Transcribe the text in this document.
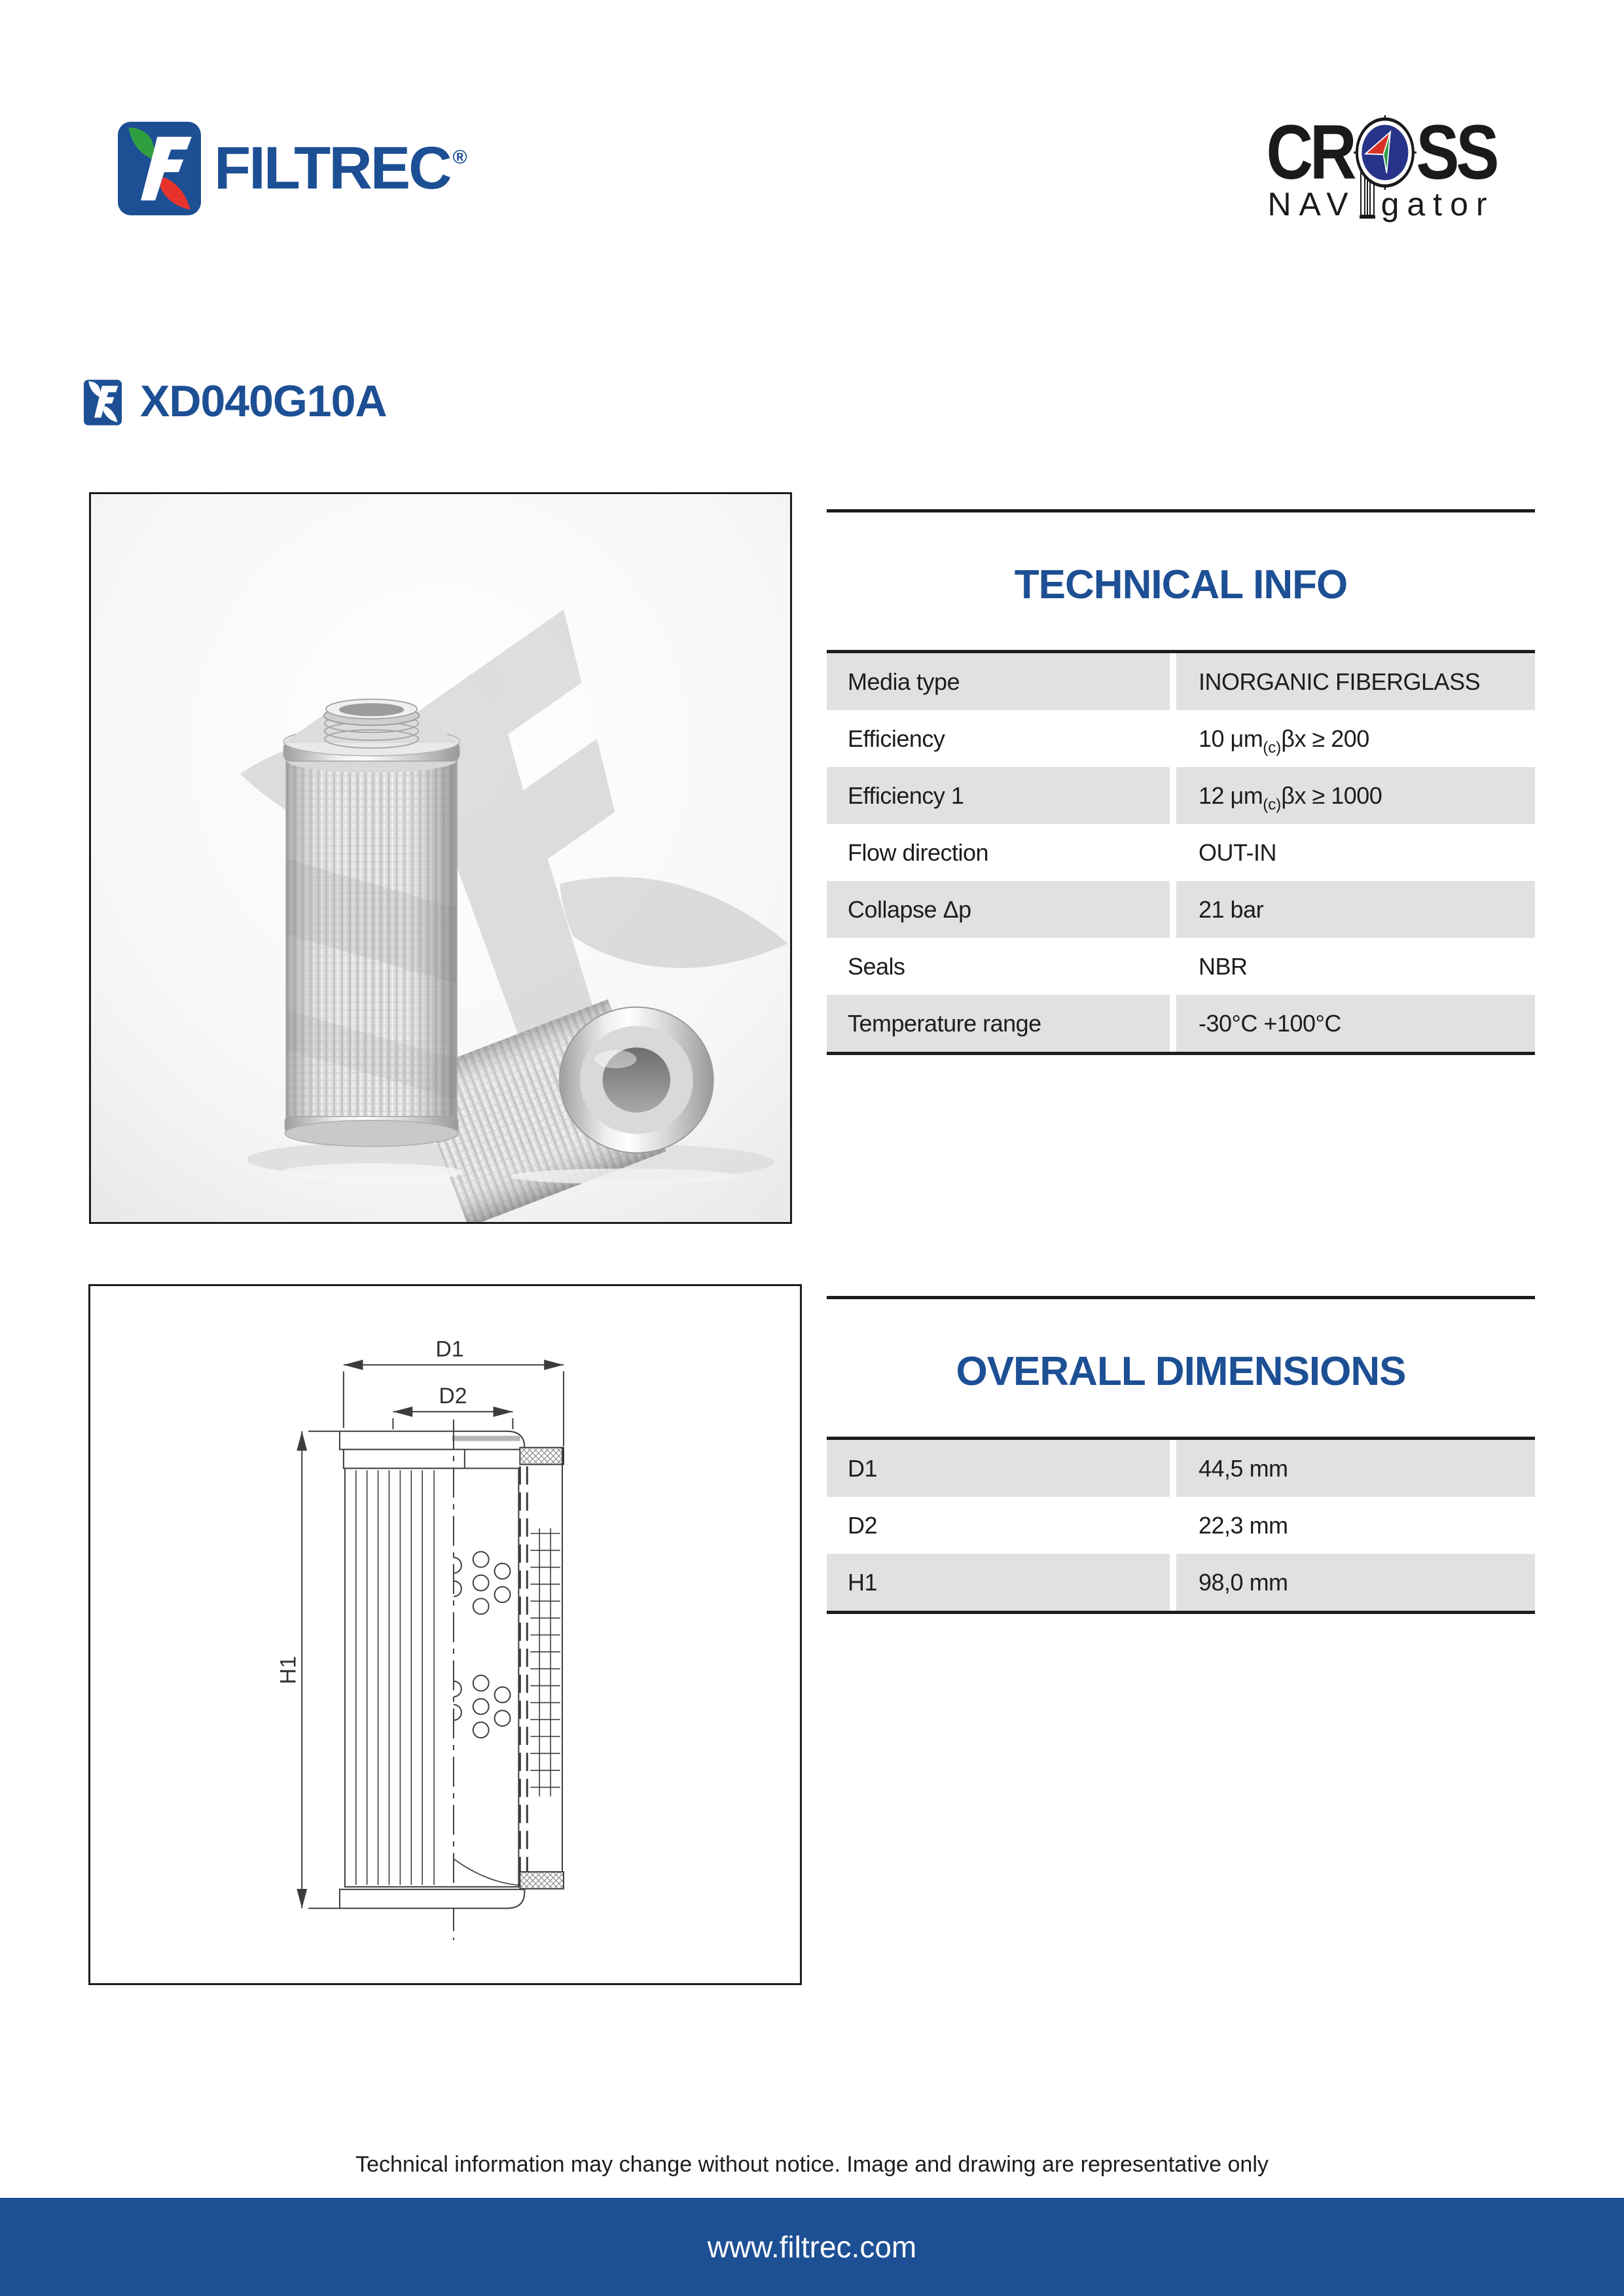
FILTREC ®	CR SS
NAV gator
XD040G10A
TECHNICAL INFO
Media type	INORGANIC FIBERGLASS
Efficiency	10 μm (c) βx ≥ 200
Efficiency 1	12 μm (c) βx ≥ 1000
Flow direction	OUT-IN
Collapse Δp	21 bar
Seals	NBR
Temperature range	-30°C +100°C
D1
D2
H1
OVERALL DIMENSIONS
D1	44,5 mm
D2	22,3 mm
H1	98,0 mm
Technical information may change without notice. Image and drawing are representative only
www.filtrec.com
